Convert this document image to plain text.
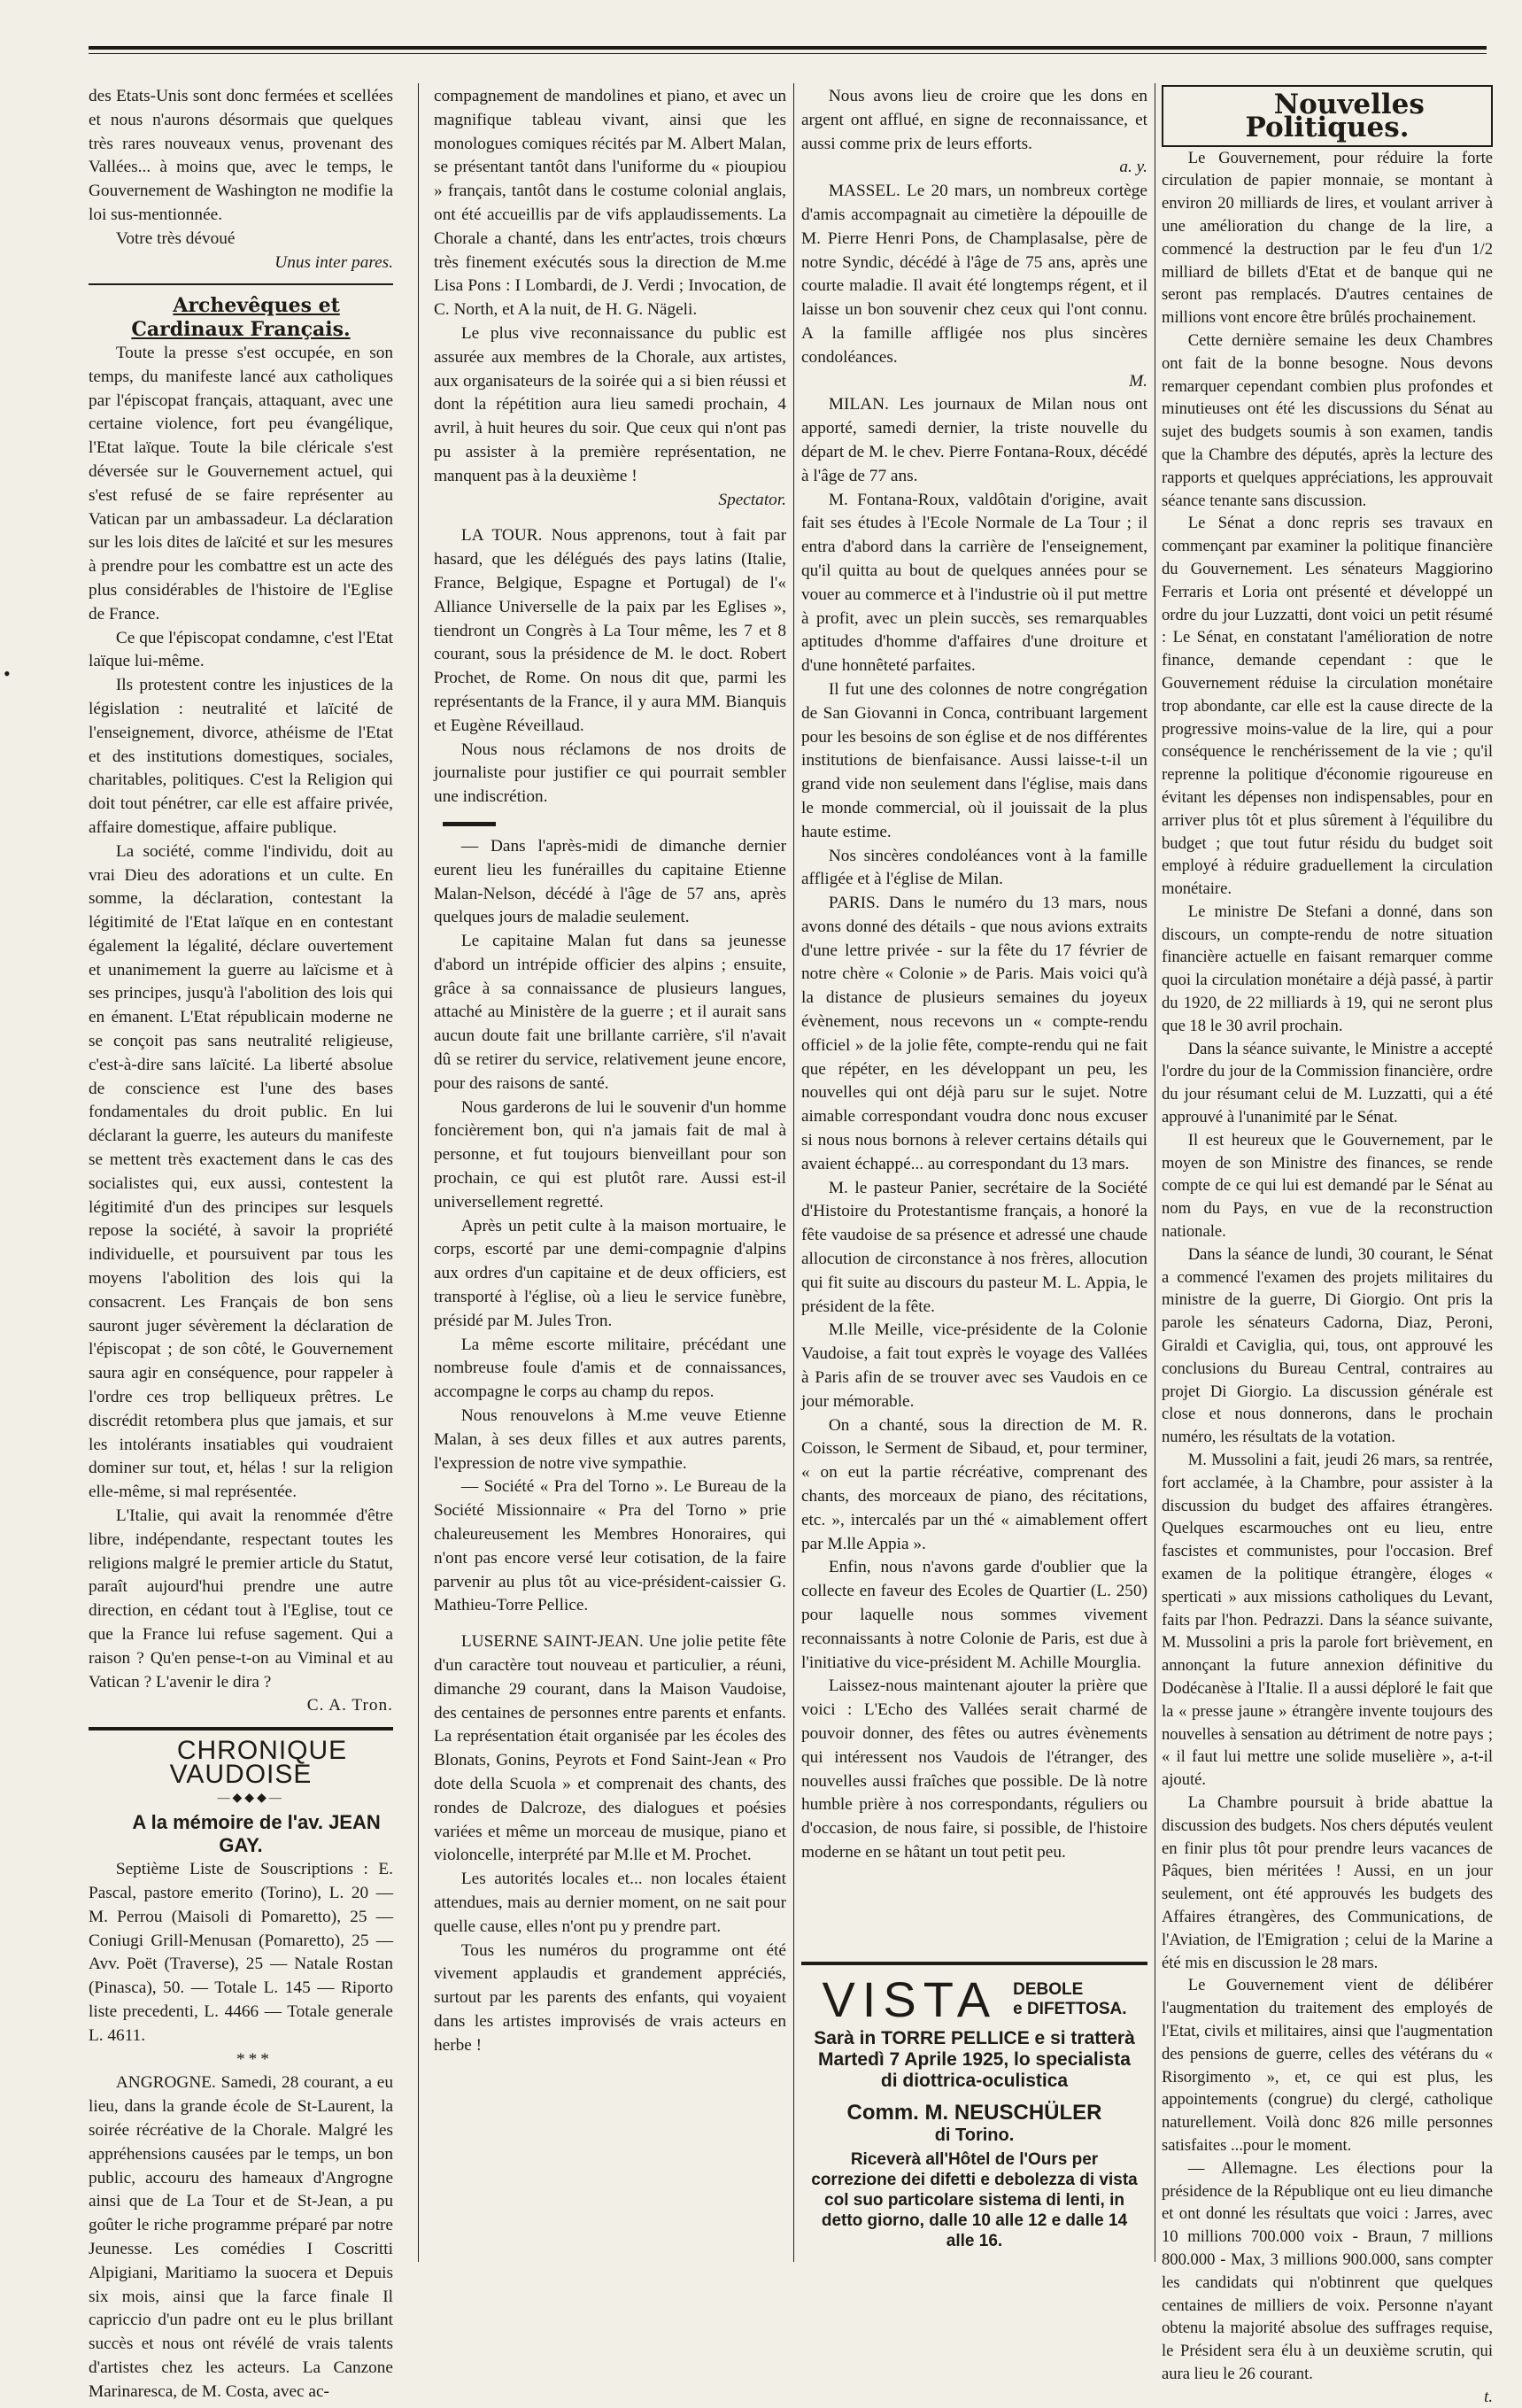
•

des Etats-Unis sont donc fermées et scellées et nous n'aurons désormais que quelques très rares nouveaux venus, provenant des Vallées... à moins que, avec le temps, le Gouvernement de Washington ne modifie la loi sus-mentionnée.

Votre très dévoué

Unus inter pares.

Archevêques et Cardinaux Français.

Toute la presse s'est occupée, en son temps, du manifeste lancé aux catholiques par l'épiscopat français, attaquant, avec une certaine violence, fort peu évangélique, l'Etat laïque. Toute la bile cléricale s'est déversée sur le Gouvernement actuel, qui s'est refusé de se faire représenter au Vatican par un ambassadeur. La déclaration sur les lois dites de laïcité et sur les mesures à prendre pour les combattre est un acte des plus considérables de l'histoire de l'Eglise de France.

Ce que l'épiscopat condamne, c'est l'Etat laïque lui-même.

Ils protestent contre les injustices de la législation : neutralité et laïcité de l'enseignement, divorce, athéisme de l'Etat et des institutions domestiques, sociales, charitables, politiques. C'est la Religion qui doit tout pénétrer, car elle est affaire privée, affaire domestique, affaire publique.

La société, comme l'individu, doit au vrai Dieu des adorations et un culte. En somme, la déclaration, contestant la légitimité de l'Etat laïque en en contestant également la légalité, déclare ouvertement et unanimement la guerre au laïcisme et à ses principes, jusqu'à l'abolition des lois qui en émanent. L'Etat républicain moderne ne se conçoit pas sans neutralité religieuse, c'est-à-dire sans laïcité. La liberté absolue de conscience est l'une des bases fondamentales du droit public. En lui déclarant la guerre, les auteurs du manifeste se mettent très exactement dans le cas des socialistes qui, eux aussi, contestent la légitimité d'un des principes sur lesquels repose la société, à savoir la propriété individuelle, et poursuivent par tous les moyens l'abolition des lois qui la consacrent. Les Français de bon sens sauront juger sévèrement la déclaration de l'épiscopat ; de son côté, le Gouvernement saura agir en conséquence, pour rappeler à l'ordre ces trop belliqueux prêtres. Le discrédit retombera plus que jamais, et sur les intolérants insatiables qui voudraient dominer sur tout, et, hélas ! sur la religion elle-même, si mal représentée.

L'Italie, qui avait la renommée d'être libre, indépendante, respectant toutes les religions malgré le premier article du Statut, paraît aujourd'hui prendre une autre direction, en cédant tout à l'Eglise, tout ce que la France lui refuse sagement. Qui a raison ? Qu'en pense-t-on au Viminal et au Vatican ? L'avenir le dira ?

C. A. Tron.

CHRONIQUE VAUDOISE

—◆◆◆—

A la mémoire de l'av. JEAN GAY.

Septième Liste de Souscriptions : E. Pascal, pastore emerito (Torino), L. 20 — M. Perrou (Maisoli di Pomaretto), 25 — Coniugi Grill-Menusan (Pomaretto), 25 — Avv. Poët (Traverse), 25 — Natale Rostan (Pinasca), 50. — Totale L. 145 — Riporto liste precedenti, L. 4466 — Totale generale L. 4611.

***

ANGROGNE. Samedi, 28 courant, a eu lieu, dans la grande école de St-Laurent, la soirée récréative de la Chorale. Malgré les appréhensions causées par le temps, un bon public, accouru des hameaux d'Angrogne ainsi que de La Tour et de St-Jean, a pu goûter le riche programme préparé par notre Jeunesse. Les comédies I Coscritti Alpigiani, Maritiamo la suocera et Depuis six mois, ainsi que la farce finale Il capriccio d'un padre ont eu le plus brillant succès et nous ont révélé de vrais talents d'artistes chez les acteurs. La Canzone Marinaresca, de M. Costa, avec ac-

compagnement de mandolines et piano, et avec un magnifique tableau vivant, ainsi que les monologues comiques récités par M. Albert Malan, se présentant tantôt dans l'uniforme du « pioupiou » français, tantôt dans le costume colonial anglais, ont été accueillis par de vifs applaudissements. La Chorale a chanté, dans les entr'actes, trois chœurs très finement exécutés sous la direction de M.me Lisa Pons : I Lombardi, de J. Verdi ; Invocation, de C. North, et A la nuit, de H. G. Nägeli.

Le plus vive reconnaissance du public est assurée aux membres de la Chorale, aux artistes, aux organisateurs de la soirée qui a si bien réussi et dont la répétition aura lieu samedi prochain, 4 avril, à huit heures du soir. Que ceux qui n'ont pas pu assister à la première représentation, ne manquent pas à la deuxième !

Spectator.

LA TOUR. Nous apprenons, tout à fait par hasard, que les délégués des pays latins (Italie, France, Belgique, Espagne et Portugal) de l'« Alliance Universelle de la paix par les Eglises », tiendront un Congrès à La Tour même, les 7 et 8 courant, sous la présidence de M. le doct. Robert Prochet, de Rome. On nous dit que, parmi les représentants de la France, il y aura MM. Bianquis et Eugène Réveillaud.

Nous nous réclamons de nos droits de journaliste pour justifier ce qui pourrait sembler une indiscrétion.

— Dans l'après-midi de dimanche dernier eurent lieu les funérailles du capitaine Etienne Malan-Nelson, décédé à l'âge de 57 ans, après quelques jours de maladie seulement.

Le capitaine Malan fut dans sa jeunesse d'abord un intrépide officier des alpins ; ensuite, grâce à sa connaissance de plusieurs langues, attaché au Ministère de la guerre ; et il aurait sans aucun doute fait une brillante carrière, s'il n'avait dû se retirer du service, relativement jeune encore, pour des raisons de santé.

Nous garderons de lui le souvenir d'un homme foncièrement bon, qui n'a jamais fait de mal à personne, et fut toujours bienveillant pour son prochain, ce qui est plutôt rare. Aussi est-il universellement regretté.

Après un petit culte à la maison mortuaire, le corps, escorté par une demi-compagnie d'alpins aux ordres d'un capitaine et de deux officiers, est transporté à l'église, où a lieu le service funèbre, présidé par M. Jules Tron.

La même escorte militaire, précédant une nombreuse foule d'amis et de connaissances, accompagne le corps au champ du repos.

Nous renouvelons à M.me veuve Etienne Malan, à ses deux filles et aux autres parents, l'expression de notre vive sympathie.

— Société « Pra del Torno ». Le Bureau de la Société Missionnaire « Pra del Torno » prie chaleureusement les Membres Honoraires, qui n'ont pas encore versé leur cotisation, de la faire parvenir au plus tôt au vice-président-caissier G. Mathieu-Torre Pellice.

LUSERNE SAINT-JEAN. Une jolie petite fête d'un caractère tout nouveau et particulier, a réuni, dimanche 29 courant, dans la Maison Vaudoise, des centaines de personnes entre parents et enfants. La représentation était organisée par les écoles des Blonats, Gonins, Peyrots et Fond Saint-Jean « Pro dote della Scuola » et comprenait des chants, des rondes de Dalcroze, des dialogues et poésies variées et même un morceau de musique, piano et violoncelle, interprété par M.lle et M. Prochet.

Les autorités locales et... non locales étaient attendues, mais au dernier moment, on ne sait pour quelle cause, elles n'ont pu y prendre part.

Tous les numéros du programme ont été vivement applaudis et grandement appréciés, surtout par les parents des enfants, qui voyaient dans les artistes improvisés de vrais acteurs en herbe !

Nous avons lieu de croire que les dons en argent ont afflué, en signe de reconnaissance, et aussi comme prix de leurs efforts.

a. y.

MASSEL. Le 20 mars, un nombreux cortège d'amis accompagnait au cimetière la dépouille de M. Pierre Henri Pons, de Champlasalse, père de notre Syndic, décédé à l'âge de 75 ans, après une courte maladie. Il avait été longtemps régent, et il laisse un bon souvenir chez ceux qui l'ont connu. A la famille affligée nos plus sincères condoléances.

M.

MILAN. Les journaux de Milan nous ont apporté, samedi dernier, la triste nouvelle du départ de M. le chev. Pierre Fontana-Roux, décédé à l'âge de 77 ans.

M. Fontana-Roux, valdôtain d'origine, avait fait ses études à l'Ecole Normale de La Tour ; il entra d'abord dans la carrière de l'enseignement, qu'il quitta au bout de quelques années pour se vouer au commerce et à l'industrie où il put mettre à profit, avec un plein succès, ses remarquables aptitudes d'homme d'affaires d'une droiture et d'une honnêteté parfaites.

Il fut une des colonnes de notre congrégation de San Giovanni in Conca, contribuant largement pour les besoins de son église et de nos différentes institutions de bienfaisance. Aussi laisse-t-il un grand vide non seulement dans l'église, mais dans le monde commercial, où il jouissait de la plus haute estime.

Nos sincères condoléances vont à la famille affligée et à l'église de Milan.

PARIS. Dans le numéro du 13 mars, nous avons donné des détails - que nous avions extraits d'une lettre privée - sur la fête du 17 février de notre chère « Colonie » de Paris. Mais voici qu'à la distance de plusieurs semaines du joyeux évènement, nous recevons un « compte-rendu officiel » de la jolie fête, compte-rendu qui ne fait que répéter, en les développant un peu, les nouvelles qui ont déjà paru sur le sujet. Notre aimable correspondant voudra donc nous excuser si nous nous bornons à relever certains détails qui avaient échappé... au correspondant du 13 mars.

M. le pasteur Panier, secrétaire de la Société d'Histoire du Protestantisme français, a honoré la fête vaudoise de sa présence et adressé une chaude allocution de circonstance à nos frères, allocution qui fit suite au discours du pasteur M. L. Appia, le président de la fête.

M.lle Meille, vice-présidente de la Colonie Vaudoise, a fait tout exprès le voyage des Vallées à Paris afin de se trouver avec ses Vaudois en ce jour mémorable.

On a chanté, sous la direction de M. R. Coisson, le Serment de Sibaud, et, pour terminer, « on eut la partie récréative, comprenant des chants, des morceaux de piano, des récitations, etc. », intercalés par un thé « aimablement offert par M.lle Appia ».

Enfin, nous n'avons garde d'oublier que la collecte en faveur des Ecoles de Quartier (L. 250) pour laquelle nous sommes vivement reconnaissants à notre Colonie de Paris, est due à l'initiative du vice-président M. Achille Mourglia.

Laissez-nous maintenant ajouter la prière que voici : L'Echo des Vallées serait charmé de pouvoir donner, des fêtes ou autres évènements qui intéressent nos Vaudois de l'étranger, des nouvelles aussi fraîches que possible. De là notre humble prière à nos correspondants, réguliers ou d'occasion, de nous faire, si possible, de l'histoire moderne en se hâtant un tout petit peu.

VISTA DEBOLE
e DIFETTOSA.
Sarà in TORRE PELLICE e si tratterà
Martedì 7 Aprile 1925, lo specialista
di diottrica-oculistica
Comm. M. NEUSCHÜLER
di Torino.
Riceverà all'Hôtel de l'Ours per correzione dei difetti e debolezza di vista col suo particolare sistema di lenti, in detto giorno, dalle 10 alle 12 e dalle 14 alle 16.

Nouvelles Politiques.

Le Gouvernement, pour réduire la forte circulation de papier monnaie, se montant à environ 20 milliards de lires, et voulant arriver à une amélioration du change de la lire, a commencé la destruction par le feu d'un 1/2 milliard de billets d'Etat et de banque qui ne seront pas remplacés. D'autres centaines de millions vont encore être brûlés prochainement.

Cette dernière semaine les deux Chambres ont fait de la bonne besogne. Nous devons remarquer cependant combien plus profondes et minutieuses ont été les discussions du Sénat au sujet des budgets soumis à son examen, tandis que la Chambre des députés, après la lecture des rapports et quelques appréciations, les approuvait séance tenante sans discussion.

Le Sénat a donc repris ses travaux en commençant par examiner la politique financière du Gouvernement. Les sénateurs Maggiorino Ferraris et Loria ont présenté et développé un ordre du jour Luzzatti, dont voici un petit résumé : Le Sénat, en constatant l'amélioration de notre finance, demande cependant : que le Gouvernement réduise la circulation monétaire trop abondante, car elle est la cause directe de la progressive moins-value de la lire, qui a pour conséquence le renchérissement de la vie ; qu'il reprenne la politique d'économie rigoureuse en évitant les dépenses non indispensables, pour en arriver plus tôt et plus sûrement à l'équilibre du budget ; que tout futur résidu du budget soit employé à réduire graduellement la circulation monétaire.

Le ministre De Stefani a donné, dans son discours, un compte-rendu de notre situation financière actuelle en faisant remarquer comme quoi la circulation monétaire a déjà passé, à partir du 1920, de 22 milliards à 19, qui ne seront plus que 18 le 30 avril prochain.

Dans la séance suivante, le Ministre a accepté l'ordre du jour de la Commission financière, ordre du jour résumant celui de M. Luzzatti, qui a été approuvé à l'unanimité par le Sénat.

Il est heureux que le Gouvernement, par le moyen de son Ministre des finances, se rende compte de ce qui lui est demandé par le Sénat au nom du Pays, en vue de la reconstruction nationale.

Dans la séance de lundi, 30 courant, le Sénat a commencé l'examen des projets militaires du ministre de la guerre, Di Giorgio. Ont pris la parole les sénateurs Cadorna, Diaz, Peroni, Giraldi et Caviglia, qui, tous, ont approuvé les conclusions du Bureau Central, contraires au projet Di Giorgio. La discussion générale est close et nous donnerons, dans le prochain numéro, les résultats de la votation.

M. Mussolini a fait, jeudi 26 mars, sa rentrée, fort acclamée, à la Chambre, pour assister à la discussion du budget des affaires étrangères. Quelques escarmouches ont eu lieu, entre fascistes et communistes, pour l'occasion. Bref examen de la politique étrangère, éloges « sperticati » aux missions catholiques du Levant, faits par l'hon. Pedrazzi. Dans la séance suivante, M. Mussolini a pris la parole fort brièvement, en annonçant la future annexion définitive du Dodécanèse à l'Italie. Il a aussi déploré le fait que la « presse jaune » étrangère invente toujours des nouvelles à sensation au détriment de notre pays ; « il faut lui mettre une solide muselière », a-t-il ajouté.

La Chambre poursuit à bride abattue la discussion des budgets. Nos chers députés veulent en finir plus tôt pour prendre leurs vacances de Pâques, bien méritées ! Aussi, en un jour seulement, ont été approuvés les budgets des Affaires étrangères, des Communications, de l'Aviation, de l'Emigration ; celui de la Marine a été mis en discussion le 28 mars.

Le Gouvernement vient de délibérer l'augmentation du traitement des employés de l'Etat, civils et militaires, ainsi que l'augmentation des pensions de guerre, celles des vétérans du « Risorgimento », et, ce qui est plus, les appointements (congrue) du clergé, catholique naturellement. Voilà donc 826 mille personnes satisfaites ...pour le moment.

— Allemagne. Les élections pour la présidence de la République ont eu lieu dimanche et ont donné les résultats que voici : Jarres, avec 10 millions 700.000 voix - Braun, 7 millions 800.000 - Max, 3 millions 900.000, sans compter les candidats qui n'obtinrent que quelques centaines de milliers de voix. Personne n'ayant obtenu la majorité absolue des suffrages requise, le Président sera élu à un deuxième scrutin, qui aura lieu le 26 courant.

t.
